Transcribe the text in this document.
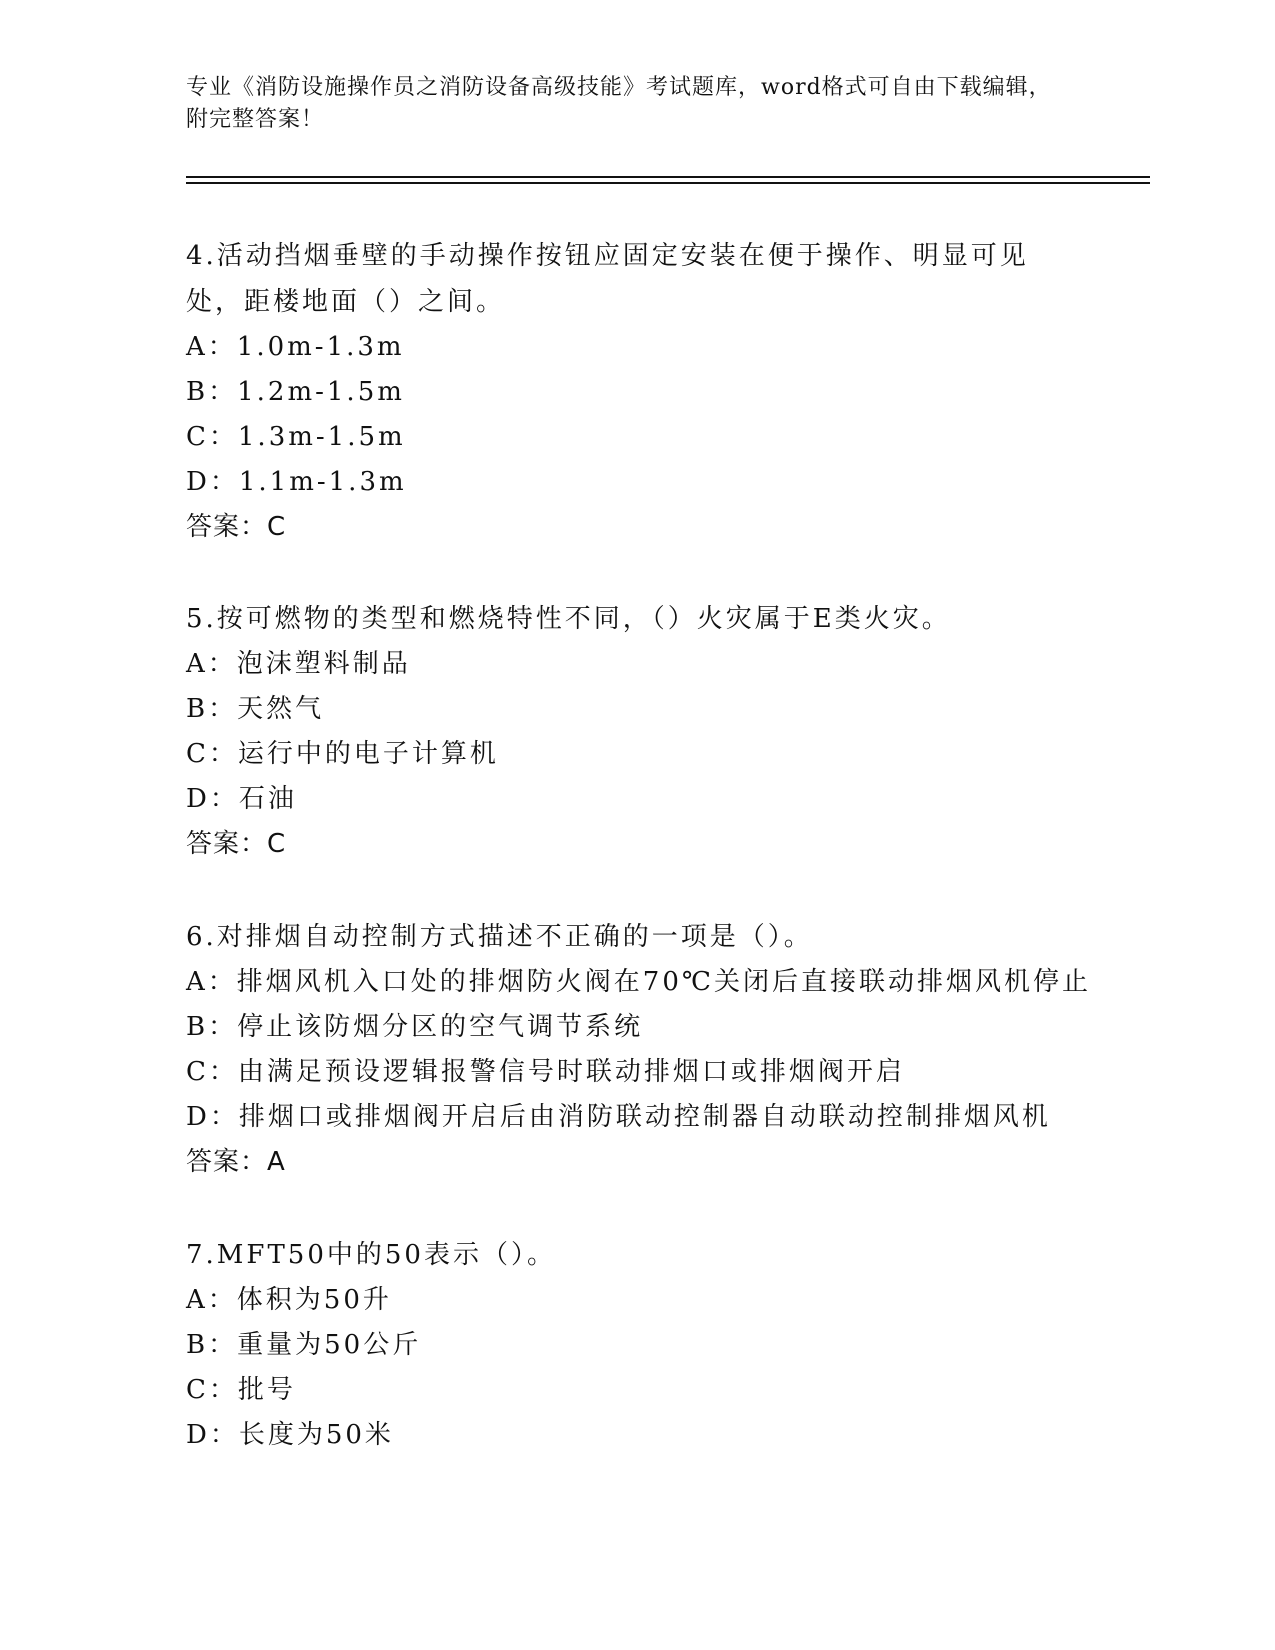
专业《消防设施操作员之消防设备高级技能》考试题库，word格式可自由下载编辑，附完整答案！
4.活动挡烟垂壁的手动操作按钮应固定安装在便于操作、明显可见处，距楼地面（）之间。
A：1.0m-1.3m
B：1.2m-1.5m
C：1.3m-1.5m
D：1.1m-1.3m
答案：C
5.按可燃物的类型和燃烧特性不同，（）火灾属于E类火灾。
A：泡沫塑料制品
B：天然气
C：运行中的电子计算机
D：石油
答案：C
6.对排烟自动控制方式描述不正确的一项是（）。
A：排烟风机入口处的排烟防火阀在70℃关闭后直接联动排烟风机停止
B：停止该防烟分区的空气调节系统
C：由满足预设逻辑报警信号时联动排烟口或排烟阀开启
D：排烟口或排烟阀开启后由消防联动控制器自动联动控制排烟风机
答案：A
7.MFT50中的50表示（）。
A：体积为50升
B：重量为50公斤
C：批号
D：长度为50米
